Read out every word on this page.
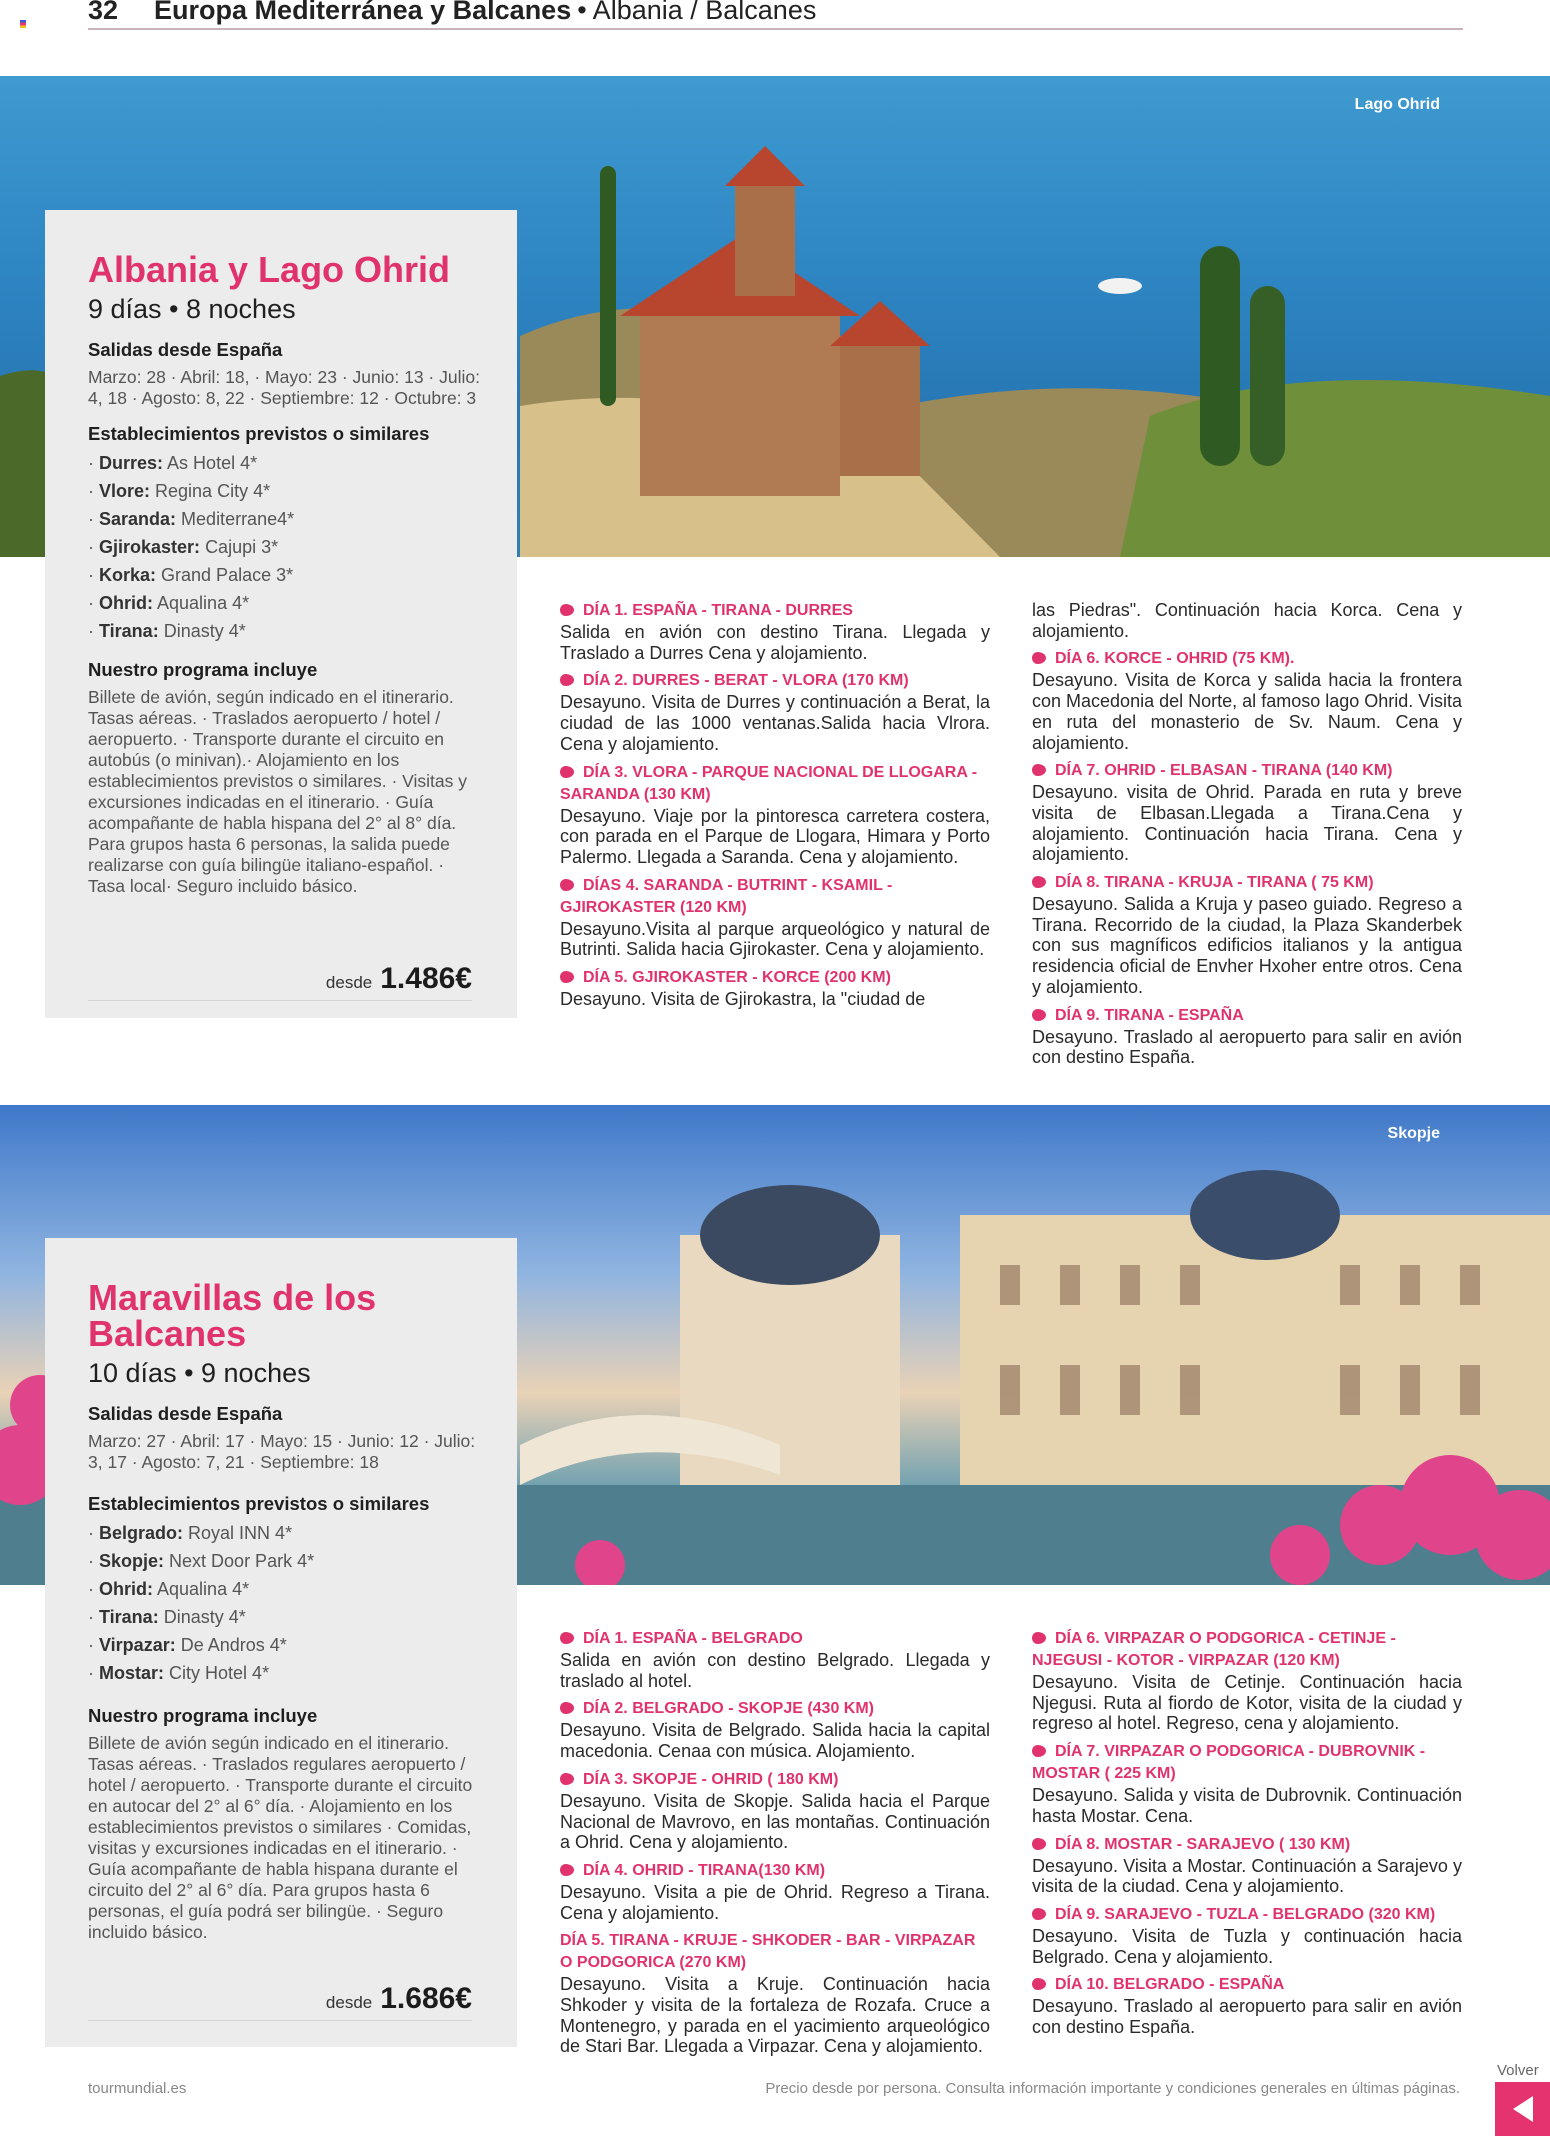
32 Europa Mediterránea y Balcanes • Albania / Balcanes
Lago Ohrid
Albania y Lago Ohrid
9 días • 8 noches
Salidas desde España
Marzo: 28 · Abril: 18, · Mayo: 23 · Junio: 13 · Julio: 4, 18 · Agosto: 8, 22 · Septiembre: 12 · Octubre: 3
Establecimientos previstos o similares
· Durres: As Hotel 4*
· Vlore: Regina City 4*
· Saranda: Mediterrane4*
· Gjirokaster: Cajupi 3*
· Korka: Grand Palace 3*
· Ohrid: Aqualina 4*
· Tirana: Dinasty 4*
Nuestro programa incluye
Billete de avión, según indicado en el itinerario. Tasas aéreas. · Traslados aeropuerto / hotel / aeropuerto. · Transporte durante el circuito en autobús (o minivan).· Alojamiento en los establecimientos previstos o similares. · Visitas y excursiones indicadas en el itinerario. · Guía acompañante de habla hispana del 2° al 8° día. Para grupos hasta 6 personas, la salida puede realizarse con guía bilingüe italiano-español. · Tasa local· Seguro incluido básico.
desde 1.486€
DÍA 1. ESPAÑA - TIRANA - DURRES
Salida en avión con destino Tirana. Llegada y Traslado a Durres Cena y alojamiento.
DÍA 2. DURRES - BERAT - VLORA (170 KM)
Desayuno. Visita de Durres y continuación a Berat, la ciudad de las 1000 ventanas.Salida hacia Vlrora. Cena y alojamiento.
DÍA 3. VLORA - PARQUE NACIONAL DE LLOGARA - SARANDA (130 KM)
Desayuno. Viaje por la pintoresca carretera costera, con parada en el Parque de Llogara, Himara y Porto Palermo. Llegada a Saranda. Cena y alojamiento.
DÍAS 4. SARANDA - BUTRINT - KSAMIL - GJIROKASTER (120 KM)
Desayuno.Visita al parque arqueológico y natural de Butrinti. Salida hacia Gjirokaster. Cena y alojamiento.
DÍA 5. GJIROKASTER - KORCE (200 KM)
Desayuno. Visita de Gjirokastra, la "ciudad de
las Piedras". Continuación hacia Korca. Cena y alojamiento.
DÍA 6. KORCE - OHRID (75 KM).
Desayuno. Visita de Korca y salida hacia la frontera con Macedonia del Norte, al famoso lago Ohrid. Visita en ruta del monasterio de Sv. Naum. Cena y alojamiento.
DÍA 7. OHRID - ELBASAN - TIRANA (140 KM)
Desayuno. visita de Ohrid. Parada en ruta y breve visita de Elbasan.Llegada a Tirana.Cena y alojamiento. Continuación hacia Tirana. Cena y alojamiento.
DÍA 8. TIRANA - KRUJA - TIRANA ( 75 KM)
Desayuno. Salida a Kruja y paseo guiado. Regreso a Tirana. Recorrido de la ciudad, la Plaza Skanderbek con sus magníficos edificios italianos y la antigua residencia oficial de Envher Hxoher entre otros. Cena y alojamiento.
DÍA 9. TIRANA - ESPAÑA
Desayuno. Traslado al aeropuerto para salir en avión con destino España.
Skopje
Maravillas de los Balcanes
10 días • 9 noches
Salidas desde España
Marzo: 27 · Abril: 17 · Mayo: 15 · Junio: 12 · Julio: 3, 17 · Agosto: 7, 21 · Septiembre: 18
Establecimientos previstos o similares
· Belgrado: Royal INN 4*
· Skopje: Next Door Park 4*
· Ohrid: Aqualina 4*
· Tirana: Dinasty 4*
· Virpazar: De Andros 4*
· Mostar: City Hotel 4*
Nuestro programa incluye
Billete de avión según indicado en el itinerario. Tasas aéreas. · Traslados regulares aeropuerto / hotel / aeropuerto. · Transporte durante el circuito en autocar del 2° al 6° día. · Alojamiento en los establecimientos previstos o similares · Comidas, visitas y excursiones indicadas en el itinerario. · Guía acompañante de habla hispana durante el circuito del 2° al 6° día. Para grupos hasta 6 personas, el guía podrá ser bilingüe. · Seguro incluido básico.
desde 1.686€
DÍA 1. ESPAÑA - BELGRADO
Salida en avión con destino Belgrado. Llegada y traslado al hotel.
DÍA 2. BELGRADO - SKOPJE (430 KM)
Desayuno. Visita de Belgrado. Salida hacia la capital macedonia. Cenaa con música. Alojamiento.
DÍA 3. SKOPJE - OHRID ( 180 KM)
Desayuno. Visita de Skopje. Salida hacia el Parque Nacional de Mavrovo, en las montañas. Continuación a Ohrid. Cena y alojamiento.
DÍA 4. OHRID - TIRANA(130 KM)
Desayuno. Visita a pie de Ohrid. Regreso a Tirana. Cena y alojamiento.
DÍA 5. TIRANA - KRUJE - SHKODER - BAR - VIRPAZAR O PODGORICA (270 KM)
Desayuno. Visita a Kruje. Continuación hacia Shkoder y visita de la fortaleza de Rozafa. Cruce a Montenegro, y parada en el yacimiento arqueológico de Stari Bar. Llegada a Virpazar. Cena y alojamiento.
DÍA 6. VIRPAZAR O PODGORICA - CETINJE - NJEGUSI - KOTOR - VIRPAZAR (120 KM)
Desayuno. Visita de Cetinje. Continuación hacia Njegusi. Ruta al fiordo de Kotor, visita de la ciudad y regreso al hotel. Regreso, cena y alojamiento.
DÍA 7. VIRPAZAR O PODGORICA - DUBROVNIK - MOSTAR ( 225 KM)
Desayuno. Salida y visita de Dubrovnik. Continuación hasta Mostar. Cena.
DÍA 8. MOSTAR - SARAJEVO ( 130 KM)
Desayuno. Visita a Mostar. Continuación a Sarajevo y visita de la ciudad. Cena y alojamiento.
DÍA 9. SARAJEVO - TUZLA - BELGRADO (320 KM)
Desayuno. Visita de Tuzla y continuación hacia Belgrado. Cena y alojamiento.
DÍA 10. BELGRADO - ESPAÑA
Desayuno. Traslado al aeropuerto para salir en avión con destino España.
tourmundial.es	Precio desde por persona. Consulta información importante y condiciones generales en últimas páginas.
Volver
